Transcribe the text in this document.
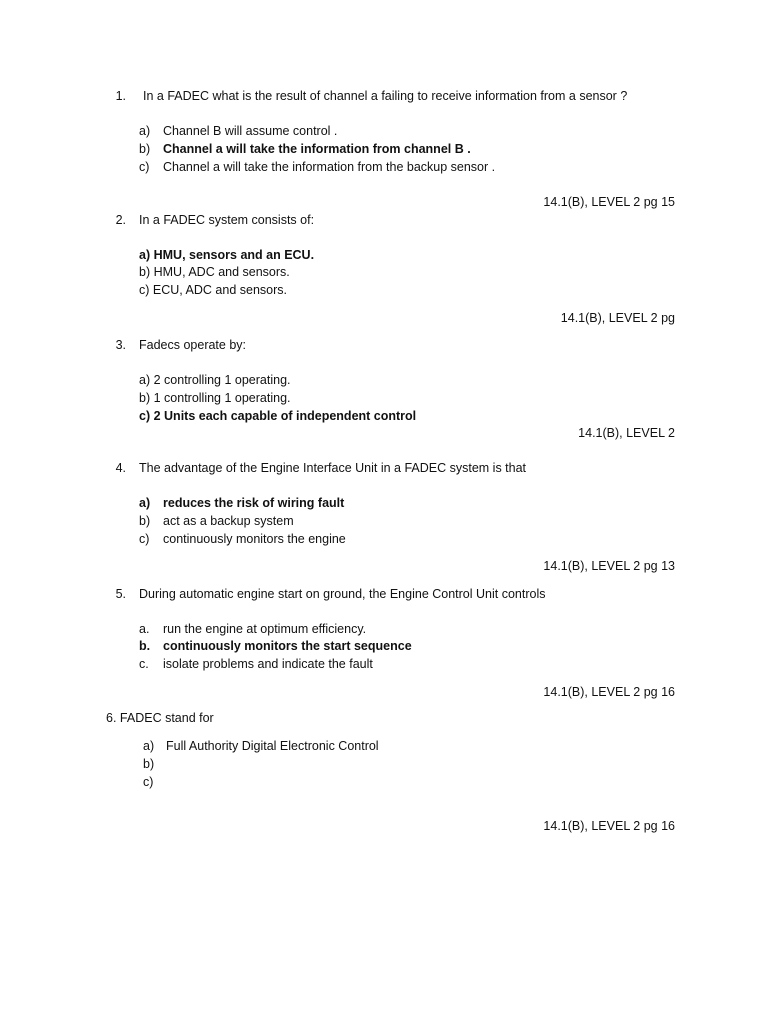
1. In a FADEC what is the result of channel a failing to receive information from a sensor ?
a)	Channel B will assume control .
b)	Channel a will take the information from channel B .
c)	Channel a will take the information from the backup sensor .
14.1(B), LEVEL 2 pg 15
2. In a FADEC system consists of:
a) HMU, sensors and an ECU.
b) HMU, ADC and sensors.
c) ECU, ADC and sensors.
14.1(B), LEVEL 2 pg
3. Fadecs operate by:
a) 2 controlling 1 operating.
b) 1 controlling 1 operating.
c) 2 Units each capable of independent control
14.1(B), LEVEL 2
4. The advantage of the Engine Interface Unit in a FADEC system is that
a)	reduces the risk of wiring fault
b)	act as a backup system
c)	continuously monitors the engine
14.1(B), LEVEL 2 pg 13
5. During automatic engine start on ground, the Engine Control Unit controls
a.	run the engine at optimum efficiency.
b.	continuously monitors the start sequence
c.	isolate problems and indicate the fault
14.1(B), LEVEL 2 pg 16
6. FADEC stand for
a) Full Authority Digital Electronic Control
b)
c)
14.1(B), LEVEL 2 pg 16
